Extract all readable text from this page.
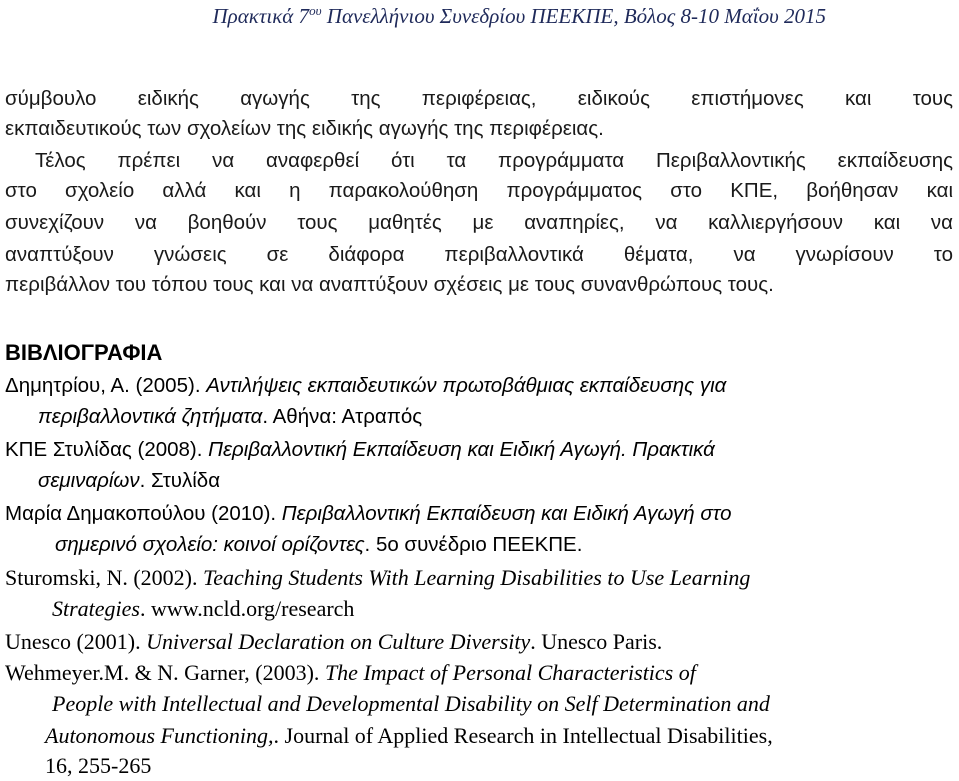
Πρακτικά $7^{o\upsilon}$ Πανελλήνιου Συνεδρίου ΠΕΕΚΠΕ, Βόλος 8-10 Μαΐου 2015
σύμβουλο ειδικής αγωγής της περιφέρειας, ειδικούς επιστήμονες και τους
εκπαιδευτικούς των σχολείων της ειδικής αγωγής της περιφέρειας.
Τέλος πρέπει να αναφερθεί ότι τα προγράμματα Περιβαλλοντικής εκπαίδευσης
στο σχολείο αλλά και η παρακολούθηση προγράμματος στο ΚΠΕ, βοήθησαν και
συνεχίζουν να βοηθούν τους μαθητές με αναπηρίες, να καλλιεργήσουν και να
αναπτύξουν γνώσεις σε διάφορα περιβαλλοντικά θέματα, να γνωρίσουν το
περιβάλλον του τόπου τους και να αναπτύξουν σχέσεις με τους συνανθρώπους τους.
ΒΙΒΛΙΟΓΡΑΦΙΑ
Δημητρίου, Α. (2005). Αντιλήψεις εκπαιδευτικών πρωτοβάθμιας εκπαίδευσης για
περιβαλλοντικά ζητήματα. Αθήνα: Ατραπός
ΚΠΕ Στυλίδας (2008). Περιβαλλοντική Εκπαίδευση και Ειδική Αγωγή. Πρακτικά
σεμιναρίων. Στυλίδα
Μαρία Δημακοπούλου (2010). Περιβαλλοντική Εκπαίδευση και Ειδική Αγωγή στο
σημερινό σχολείο: κοινοί ορίζοντες. 5ο συνέδριο ΠΕΕΚΠΕ.
Sturomski, N. (2002). Teaching Students With Learning Disabilities to Use Learning
Strategies. www.ncld.org/research
Unesco (2001). Universal Declaration on Culture Diversity. Unesco Paris.
Wehmeyer.M. & N. Garner, (2003). The Impact of Personal Characteristics of
People with Intellectual and Developmental Disability on Self Determination and
Autonomous Functioning,. Journal of Applied Research in Intellectual Disabilities,
16, 255-265
